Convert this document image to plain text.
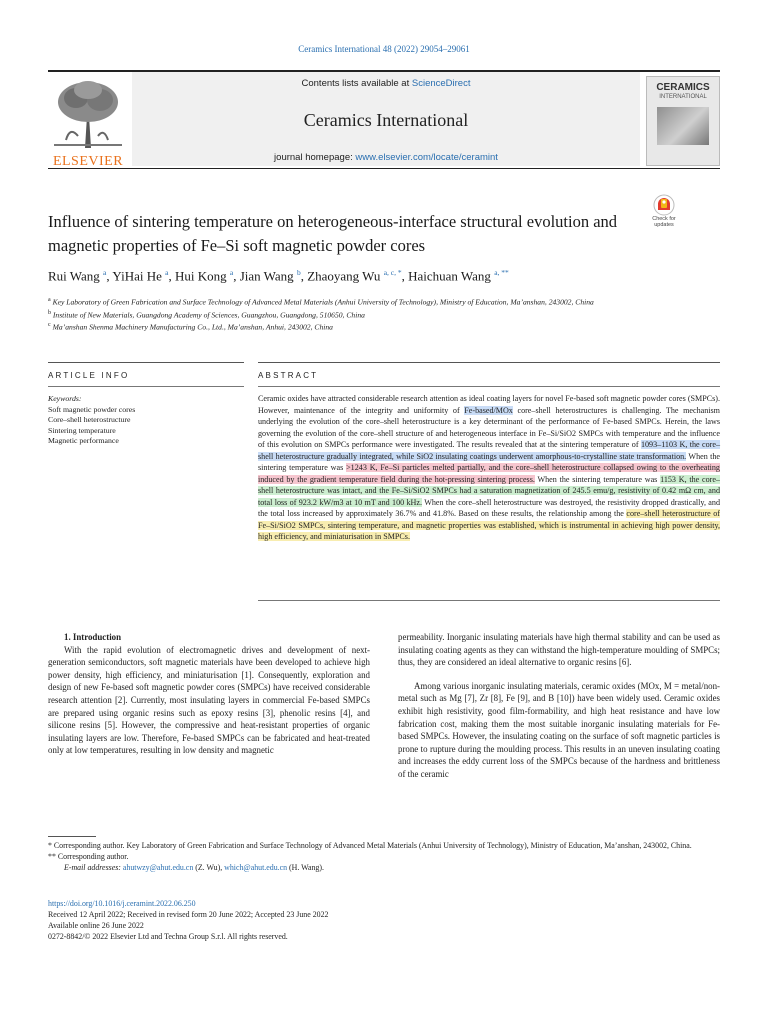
Ceramics International 48 (2022) 29054–29061
ELSEVIER
Contents lists available at ScienceDirect
Ceramics International
journal homepage: www.elsevier.com/locate/ceramint
CERAMICS
INTERNATIONAL
Check for
updates
Influence of sintering temperature on heterogeneous-interface structural evolution and magnetic properties of Fe–Si soft magnetic powder cores
Rui Wang $^a$, YiHai He $^a$, Hui Kong $^a$, Jian Wang $^b$, Zhaoyang Wu $^{a, c, *}$, Haichuan Wang $^{a, **}$
$^a$ Key Laboratory of Green Fabrication and Surface Technology of Advanced Metal Materials (Anhui University of Technology), Ministry of Education, Ma’anshan, 243002, China
$^b$ Institute of New Materials, Guangdong Academy of Sciences, Guangzhou, Guangdong, 510650, China
$^c$ Ma’anshan Shenma Machinery Manufacturing Co., Ltd., Ma’anshan, Anhui, 243002, China
ARTICLE INFO	ABSTRACT
Keywords:
Soft magnetic powder cores
Core–shell heterostructure
Sintering temperature
Magnetic performance
Ceramic oxides have attracted considerable research attention as ideal coating layers for novel Fe-based soft magnetic powder cores (SMPCs). However, maintenance of the integrity and uniformity of Fe-based/MOx core–shell heterostructures is challenging. The mechanism underlying the evolution of the core–shell heterostructure is a key determinant of the performance of Fe-based SMPCs. Herein, the laws governing the evolution of the core–shell structure of and heterogeneous interface in Fe–Si/SiO2 SMPCs with temperature and the influence of this evolution on SMPCs performance were investigated. The results revealed that at the sintering temperature of 1093–1103 K, the core–shell heterostructure gradually integrated, while SiO2 insulating coatings underwent amorphous-to-crystalline state transformation. When the sintering temperature was >1243 K, Fe–Si particles melted partially, and the core–shell heterostructure collapsed owing to the overheating induced by the gradient temperature field during the hot-pressing sintering process. When the sintering temperature was 1153 K, the core–shell heterostructure was intact, and the Fe–Si/SiO2 SMPCs had a saturation magnetization of 245.5 emu/g, resistivity of 0.42 mΩ cm, and total loss of 923.2 kW/m3 at 10 mT and 100 kHz. When the core–shell heterostructure was destroyed, the resistivity dropped drastically, and the total loss increased by approximately 36.7% and 41.8%. Based on these results, the relationship among the core–shell heterostructure of Fe–Si/SiO2 SMPCs, sintering temperature, and magnetic properties was established, which is instrumental in achieving high power density, high efficiency, and miniaturisation in SMPCs.

1. Introduction

With the rapid evolution of electromagnetic drives and development of next-generation semiconductors, soft magnetic materials have been developed to achieve high power density, high efficiency, and miniaturisation [1]. Consequently, exploration and design of new Fe-based soft magnetic powder cores (SMPCs) have received considerable research attention [2]. Currently, most insulating layers in commercial Fe-based SMPCs are prepared using organic resins such as epoxy resins [3], phenolic resins [4], and silicone resins [5]. However, the compressive and heat-resistant properties of organic insulating layers are low. Therefore, Fe-based SMPCs can be fabricated and heat-treated only at low temperatures, resulting in low density and magnetic

permeability. Inorganic insulating materials have high thermal stability and can be used as insulating coating agents as they can withstand the high-temperature moulding of SMPCs; thus, they are considered an ideal alternative to organic resins [6].

Among various inorganic insulating materials, ceramic oxides (MOx, M = metal/non-metal such as Mg [7], Zr [8], Fe [9], and B [10]) have been widely used. Ceramic oxides exhibit high resistivity, good film-formability, and high heat resistance and have low fabrication cost, making them the most suitable inorganic insulating materials for Fe-based SMPCs. However, the insulating coating on the surface of soft magnetic particles is prone to rupture during the moulding process. This results in an uneven insulating coating and increases the eddy current loss of the SMPCs because of the hardness and brittleness of the ceramic

* Corresponding author. Key Laboratory of Green Fabrication and Surface Technology of Advanced Metal Materials (Anhui University of Technology), Ministry of Education, Ma’anshan, 243002, China.
** Corresponding author.
E-mail addresses: ahutwzy@ahut.edu.cn (Z. Wu), which@ahut.edu.cn (H. Wang).
https://doi.org/10.1016/j.ceramint.2022.06.250
Received 12 April 2022; Received in revised form 20 June 2022; Accepted 23 June 2022
Available online 26 June 2022
0272-8842/© 2022 Elsevier Ltd and Techna Group S.r.l. All rights reserved.
